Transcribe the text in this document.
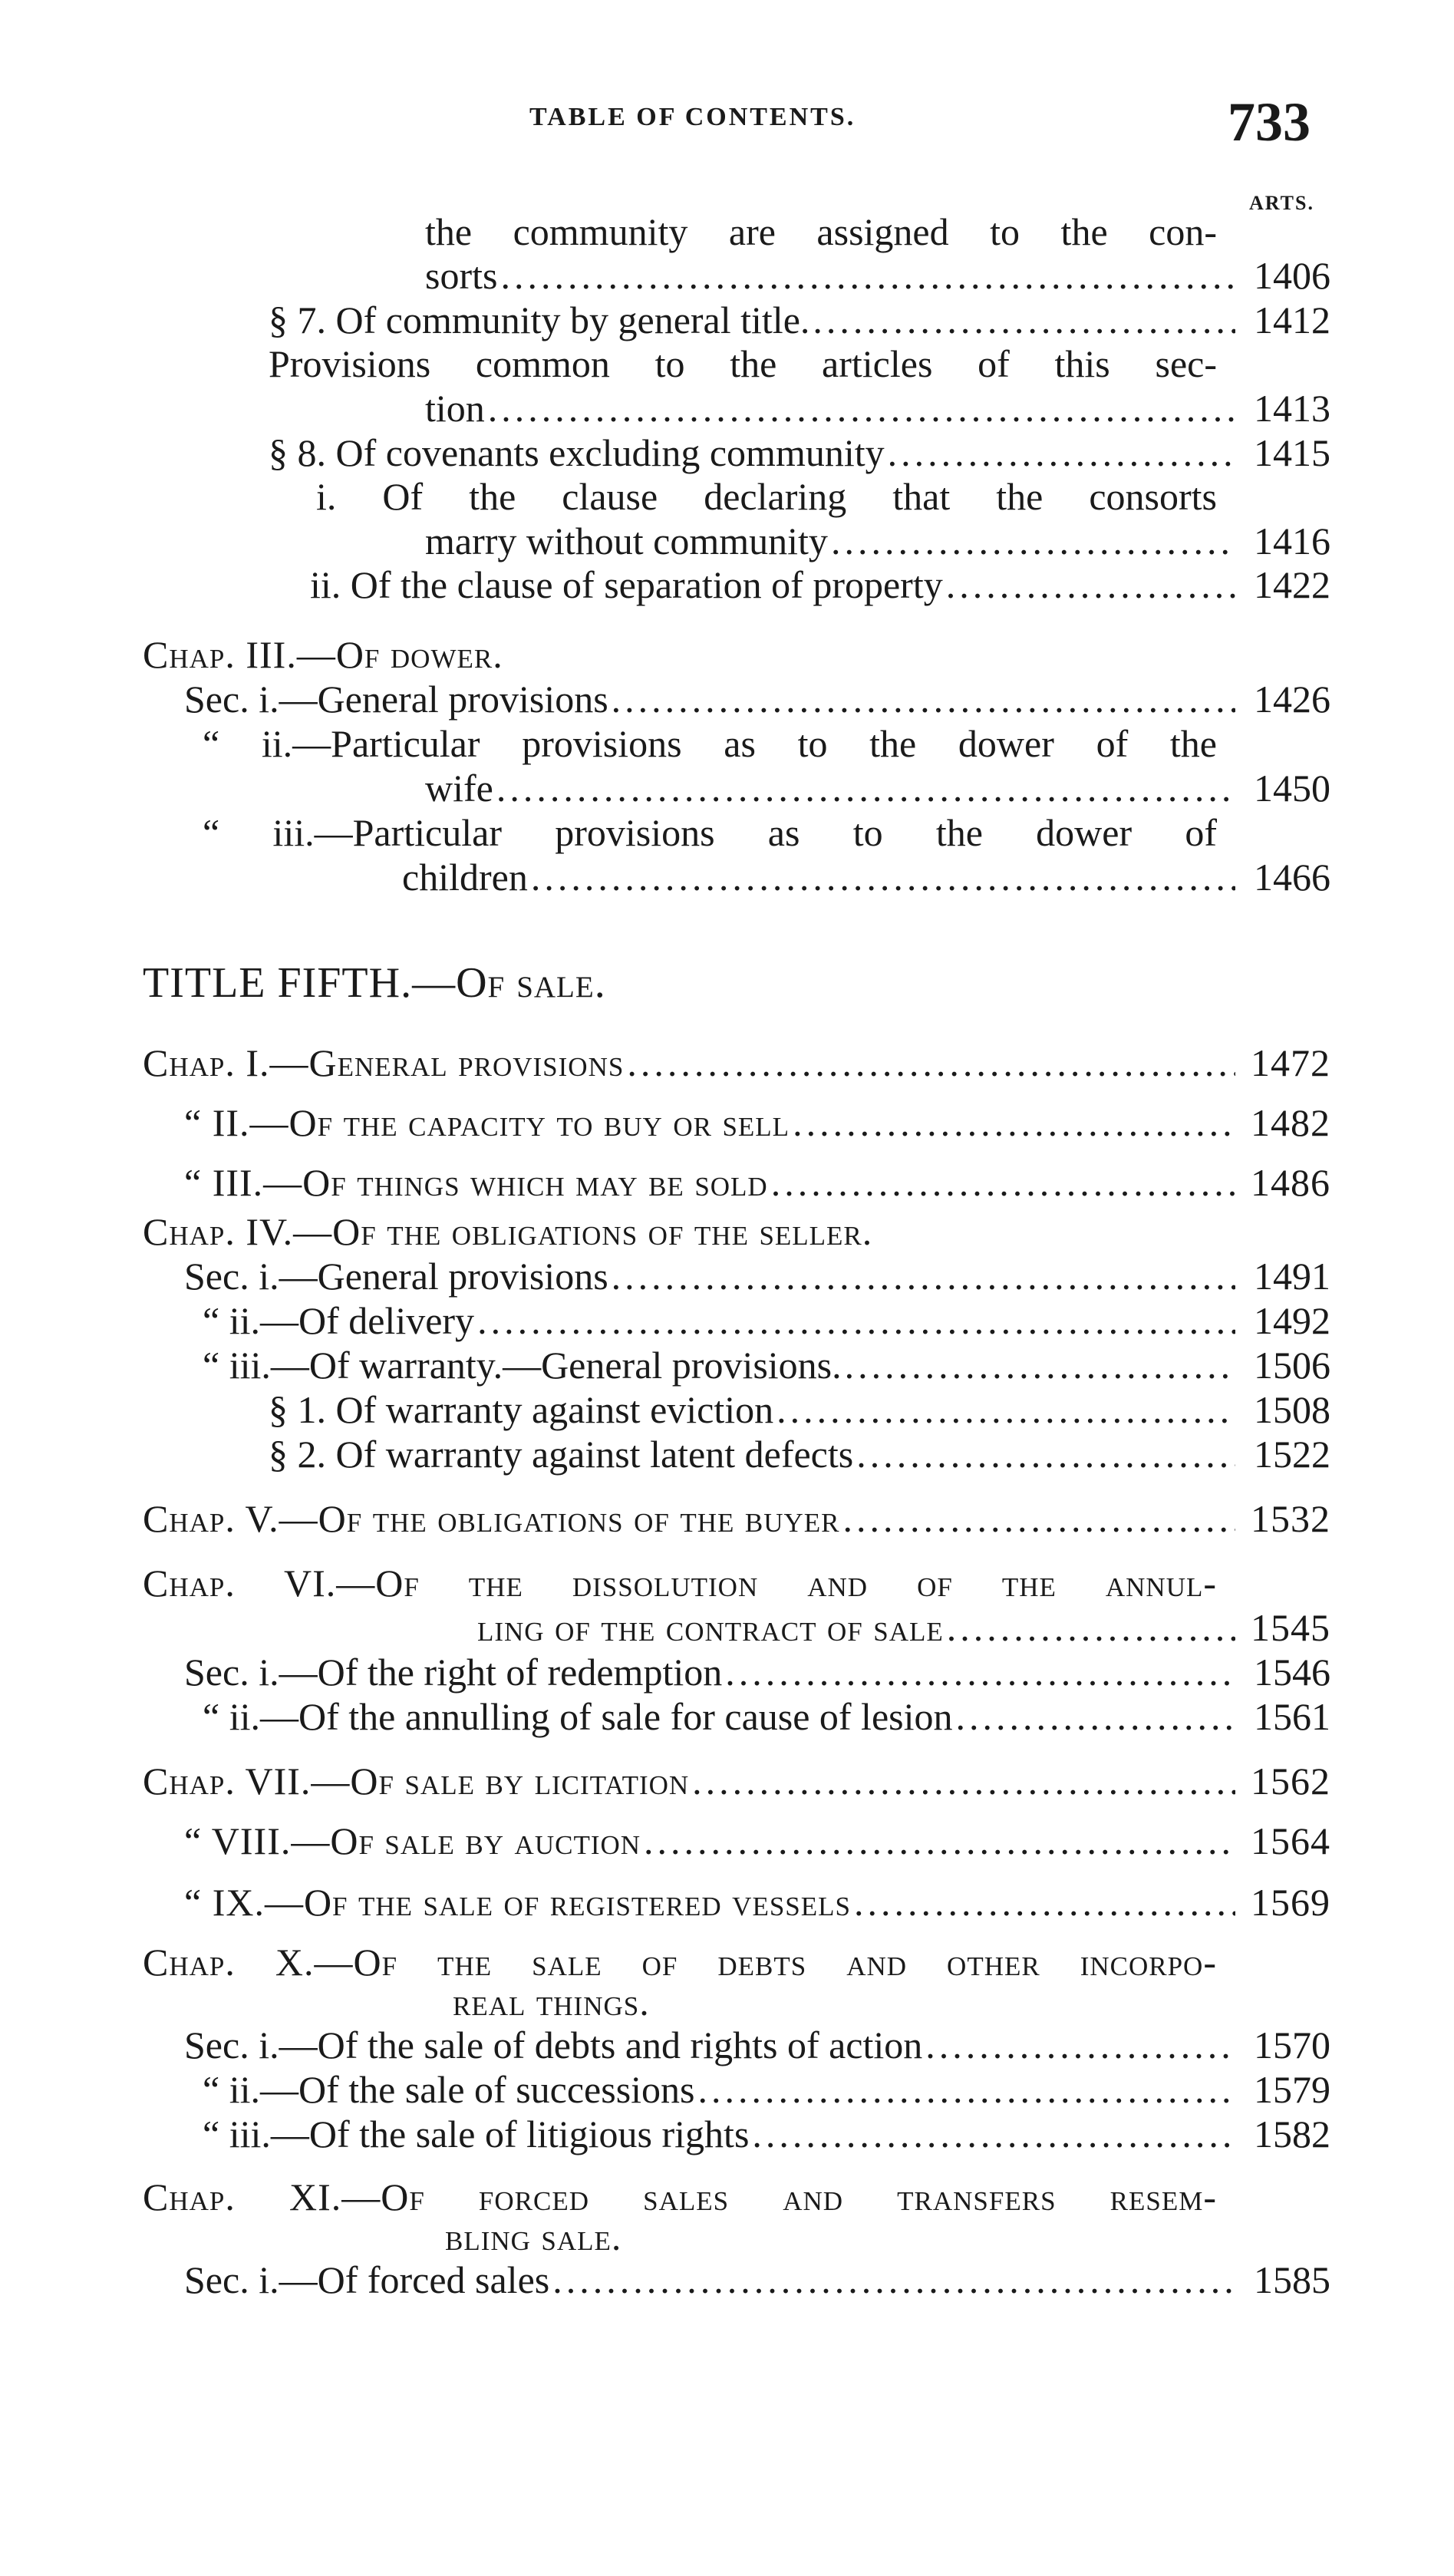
TABLE OF CONTENTS.	733
ARTS.
the community are assigned to the con-
sorts .....	1406
§ 7. Of community by general title. .....	1412
Provisions common to the articles of this sec-
tion .....	1413
§ 8. Of covenants excluding community .....	1415
i. Of the clause declaring that the consorts
marry without community .....	1416
ii. Of the clause of separation of property .....	1422
Chap. III.—Of dower.
Sec. i.—General provisions .....	1426
“ ii.—Particular provisions as to the dower of the
wife .....	1450
“ iii.—Particular provisions as to the dower of
children .....	1466
TITLE FIFTH.—Of sale.
Chap. I.—General provisions .....	1472
“ II.—Of the capacity to buy or sell .....	1482
“ III.—Of things which may be sold .....	1486
Chap. IV.—Of the obligations of the seller.
Sec. i.—General provisions .....	1491
“ ii.—Of delivery .....	1492
“ iii.—Of warranty.—General provisions. .....	1506
§ 1. Of warranty against eviction .....	1508
§ 2. Of warranty against latent defects .....	1522
Chap. V.—Of the obligations of the buyer .....	1532
Chap. VI.—Of the dissolution and of the annul-
ling of the contract of sale .....	1545
Sec. i.—Of the right of redemption .....	1546
“ ii.—Of the annulling of sale for cause of lesion .....	1561
Chap. VII.—Of sale by licitation .....	1562
“ VIII.—Of sale by auction .....	1564
“ IX.—Of the sale of registered vessels .....	1569
Chap. X.—Of the sale of debts and other incorpo-
real things.
Sec. i.—Of the sale of debts and rights of action .....	1570
“ ii.—Of the sale of successions .....	1579
“ iii.—Of the sale of litigious rights .....	1582
Chap. XI.—Of forced sales and transfers resem-
bling sale.
Sec. i.—Of forced sales .....	1585
